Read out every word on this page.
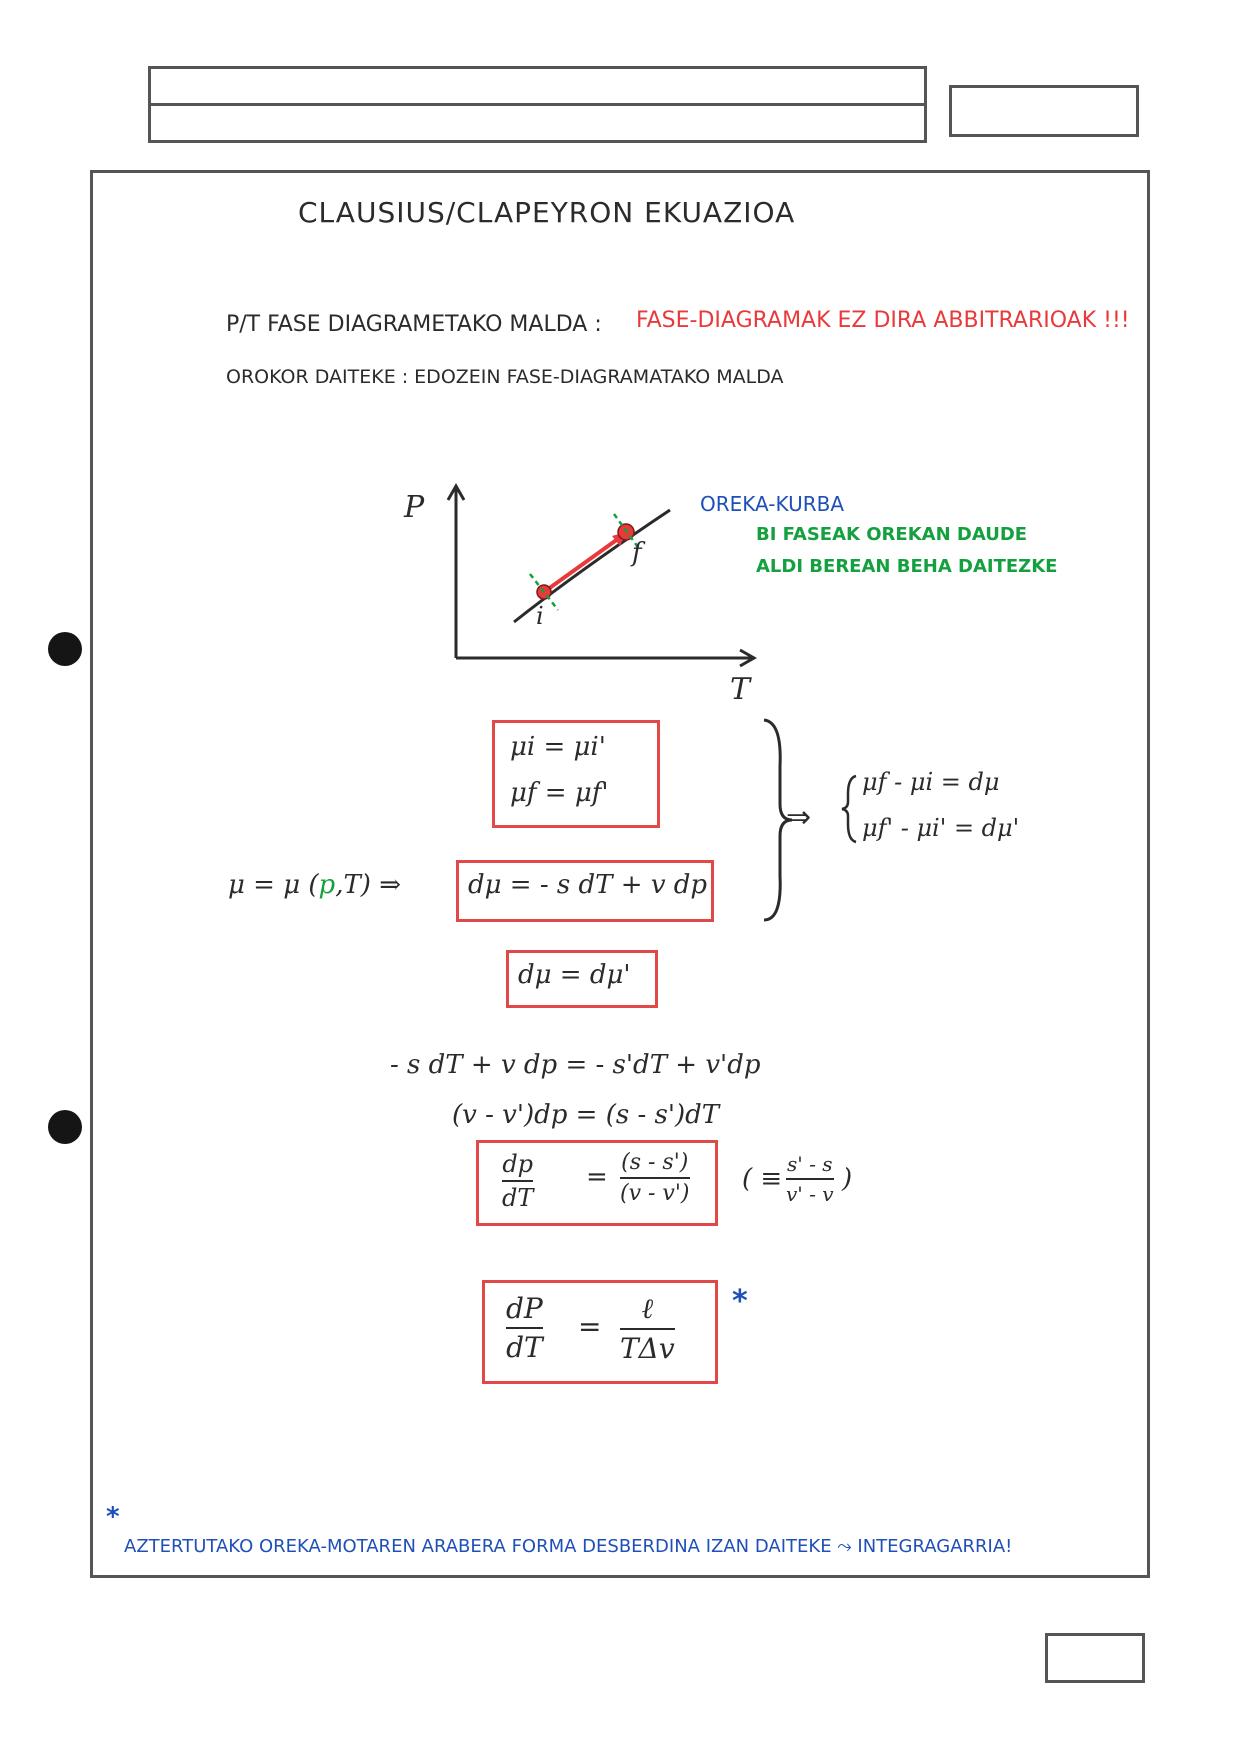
CLAUSIUS/CLAPEYRON EKUAZIOA
P/T FASE DIAGRAMETAKO MALDA : FASE-DIAGRAMAK EZ DIRA ABBITRARIOAK !!!
OROKOR DAITEKE : EDOZEIN FASE-DIAGRAMATAKO MALDA
P
T
i
f
OREKA-KURBA
BI FASEAK OREKAN DAUDE
ALDI BEREAN BEHA DAITEZKE
μi = μi'
μf = μf'
μ = μ (p,T) ⇒	dμ = - s dT + v dp
⇒
μf - μi = dμ
μf' - μi' = dμ'
dμ = dμ'
- s dT + v dp = - s'dT + v'dp
(v - v')dp = (s - s')dT
dp
dT
= (s - s')
(v - v') ( ≡ s' - s
v' - v )
dP
dT
=
ℓ
TΔv
*
*
AZTERTUTAKO OREKA-MOTAREN ARABERA FORMA DESBERDINA IZAN DAITEKE ⤳ INTEGRAGARRIA!
